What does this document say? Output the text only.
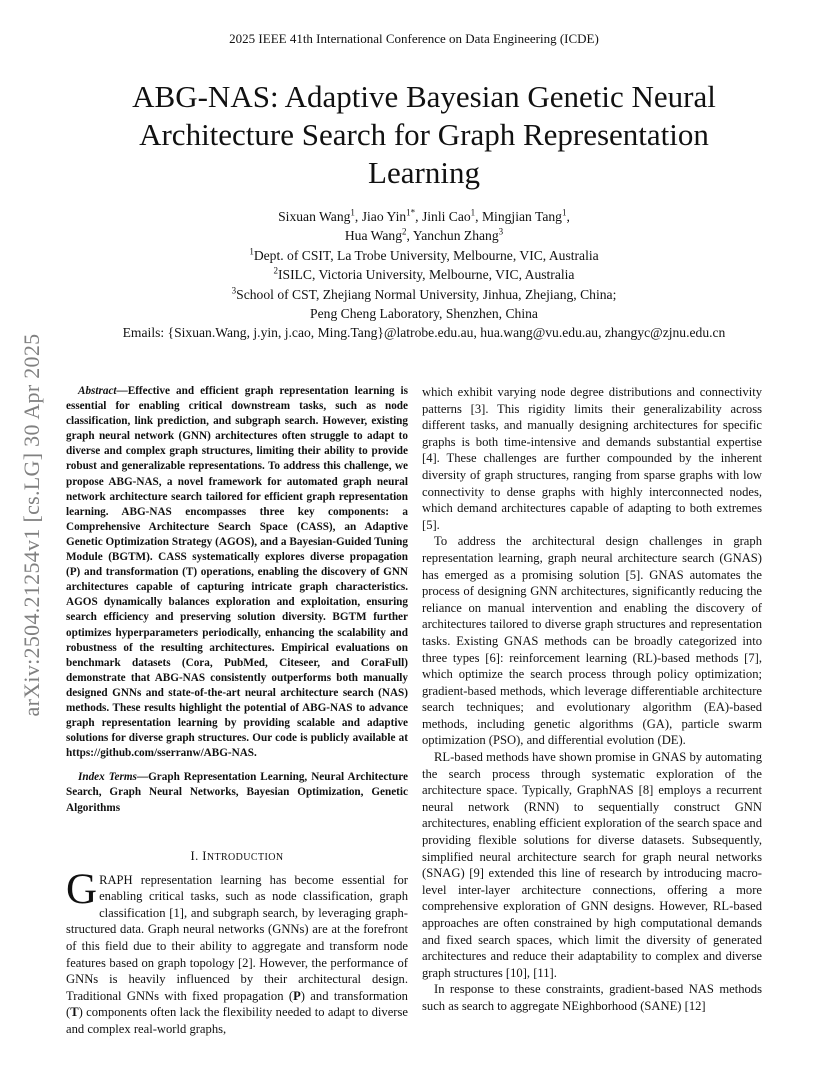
2025 IEEE 41th International Conference on Data Engineering (ICDE)
ABG-NAS: Adaptive Bayesian Genetic Neural
Architecture Search for Graph Representation
Learning
Sixuan Wang$^1$, Jiao Yin$^{1*}$, Jinli Cao$^1$, Mingjian Tang$^1$,
Hua Wang$^2$, Yanchun Zhang$^3$
$^1$Dept. of CSIT, La Trobe University, Melbourne, VIC, Australia
$^2$ISILC, Victoria University, Melbourne, VIC, Australia
$^3$School of CST, Zhejiang Normal University, Jinhua, Zhejiang, China;
Peng Cheng Laboratory, Shenzhen, China
Emails: {Sixuan.Wang, j.yin, j.cao, Ming.Tang}@latrobe.edu.au, hua.wang@vu.edu.au, zhangyc@zjnu.edu.cn
arXiv:2504.21254v1 [cs.LG] 30 Apr 2025	Abstract—Effective and efficient graph representation learning is essential for enabling critical downstream tasks, such as node classification, link prediction, and subgraph search. However, existing graph neural network (GNN) architectures often struggle to adapt to diverse and complex graph structures, limiting their ability to provide robust and generalizable representations. To address this challenge, we propose ABG-NAS, a novel framework for automated graph neural network architecture search tailored for efficient graph representation learning. ABG-NAS encompasses three key components: a Comprehensive Architecture Search Space (CASS), an Adaptive Genetic Optimization Strategy (AGOS), and a Bayesian-Guided Tuning Module (BGTM). CASS systematically explores diverse propagation (P) and transformation (T) operations, enabling the discovery of GNN architectures capable of capturing intricate graph characteristics. AGOS dynamically balances exploration and exploitation, ensuring search efficiency and preserving solution diversity. BGTM further optimizes hyperparameters periodically, enhancing the scalability and robustness of the resulting architectures. Empirical evaluations on benchmark datasets (Cora, PubMed, Citeseer, and CoraFull) demonstrate that ABG-NAS consistently outperforms both manually designed GNNs and state-of-the-art neural architecture search (NAS) methods. These results highlight the potential of ABG-NAS to advance graph representation learning by providing scalable and adaptive solutions for diverse graph structures. Our code is publicly available at https://github.com/sserranw/ABG-NAS.

Index Terms—Graph Representation Learning, Neural Architecture Search, Graph Neural Networks, Bayesian Optimization, Genetic Algorithms

I. INTRODUCTION

GRAPH representation learning has become essential for enabling critical tasks, such as node classification, graph classification [1], and subgraph search, by leveraging graph-structured data. Graph neural networks (GNNs) are at the forefront of this field due to their ability to aggregate and transform node features based on graph topology [2]. However, the performance of GNNs is heavily influenced by their architectural design. Traditional GNNs with fixed propagation (P) and transformation (T) components often lack the flexibility needed to adapt to diverse and complex real-world graphs,

which exhibit varying node degree distributions and connectivity patterns [3]. This rigidity limits their generalizability across different tasks, and manually designing architectures for specific graphs is both time-intensive and demands substantial expertise [4]. These challenges are further compounded by the inherent diversity of graph structures, ranging from sparse graphs with low connectivity to dense graphs with highly interconnected nodes, which demand architectures capable of adapting to both extremes [5].

To address the architectural design challenges in graph representation learning, graph neural architecture search (GNAS) has emerged as a promising solution [5]. GNAS automates the process of designing GNN architectures, significantly reducing the reliance on manual intervention and enabling the discovery of architectures tailored to diverse graph structures and representation tasks. Existing GNAS methods can be broadly categorized into three types [6]: reinforcement learning (RL)-based methods [7], which optimize the search process through policy optimization; gradient-based methods, which leverage differentiable architecture search techniques; and evolutionary algorithm (EA)-based methods, including genetic algorithms (GA), particle swarm optimization (PSO), and differential evolution (DE).

RL-based methods have shown promise in GNAS by automating the search process through systematic exploration of the architecture space. Typically, GraphNAS [8] employs a recurrent neural network (RNN) to sequentially construct GNN architectures, enabling efficient exploration of the search space and providing flexible solutions for diverse datasets. Subsequently, simplified neural architecture search for graph neural networks (SNAG) [9] extended this line of research by introducing macro-level inter-layer architecture connections, offering a more comprehensive exploration of GNN designs. However, RL-based approaches are often constrained by high computational demands and fixed search spaces, which limit the diversity of generated architectures and reduce their adaptability to complex and diverse graph structures [10], [11].

In response to these constraints, gradient-based NAS methods such as search to aggregate NEighborhood (SANE) [12]
